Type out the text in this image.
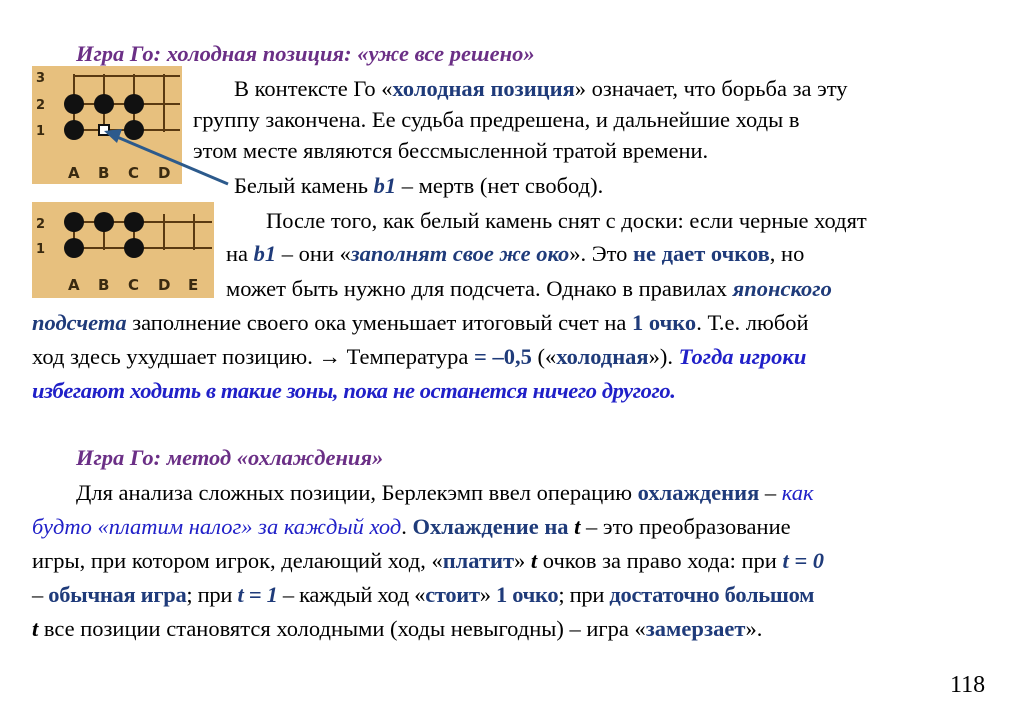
Игра Го: холодная позиция: «уже все решено»
3
2
1
A B C D
2
1
A B C D E
В контексте Го «холодная позиция» означает, что борьба за эту
группу закончена. Ее судьба предрешена, и дальнейшие ходы в
этом месте являются бессмысленной тратой времени.
Белый камень b1 – мертв (нет свобод).
После того, как белый камень снят с доски: если черные ходят
на b1 – они «заполнят свое же око». Это не дает очков, но
может быть нужно для подсчета. Однако в правилах японского
подсчета заполнение своего ока уменьшает итоговый счет на 1 очко. Т.е. любой
ход здесь ухудшает позицию. → Температура = –0,5 («холодная»). Тогда игроки
избегают ходить в такие зоны, пока не останется ничего другого.
Игра Го: метод «охлаждения»
Для анализа сложных позиции, Берлекэмп ввел операцию охлаждения – как
будто «платим налог» за каждый ход. Охлаждение на t – это преобразование
игры, при котором игрок, делающий ход, «платит» t очков за право хода: при t = 0
– обычная игра; при t = 1 – каждый ход «стоит» 1 очко; при достаточно большом
t все позиции становятся холодными (ходы невыгодны) – игра «замерзает».
118
